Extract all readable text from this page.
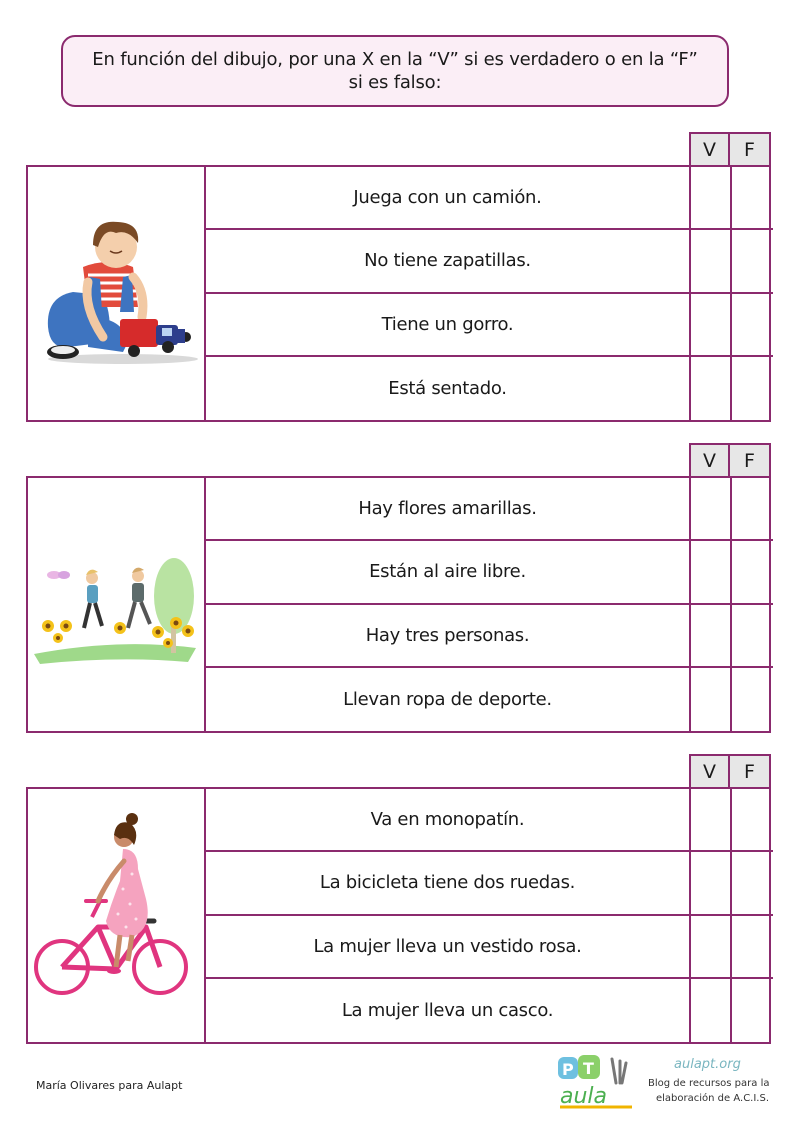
En función del dibujo, por una X en la “V” si es verdadero o en la “F” si es falso:
V	F
Juega con un camión.
No tiene zapatillas.
Tiene un gorro.
Está sentado.
V	F
Hay flores amarillas.
Están al aire libre.
Hay tres personas.
Llevan ropa de deporte.
V	F
Va en monopatín.
La bicicleta tiene dos ruedas.
La mujer lleva un vestido rosa.
La mujer lleva un casco.
María Olivares para Aulapt
P T
aula
aulapt.org
Blog de recursos para la
elaboración de A.C.I.S.
